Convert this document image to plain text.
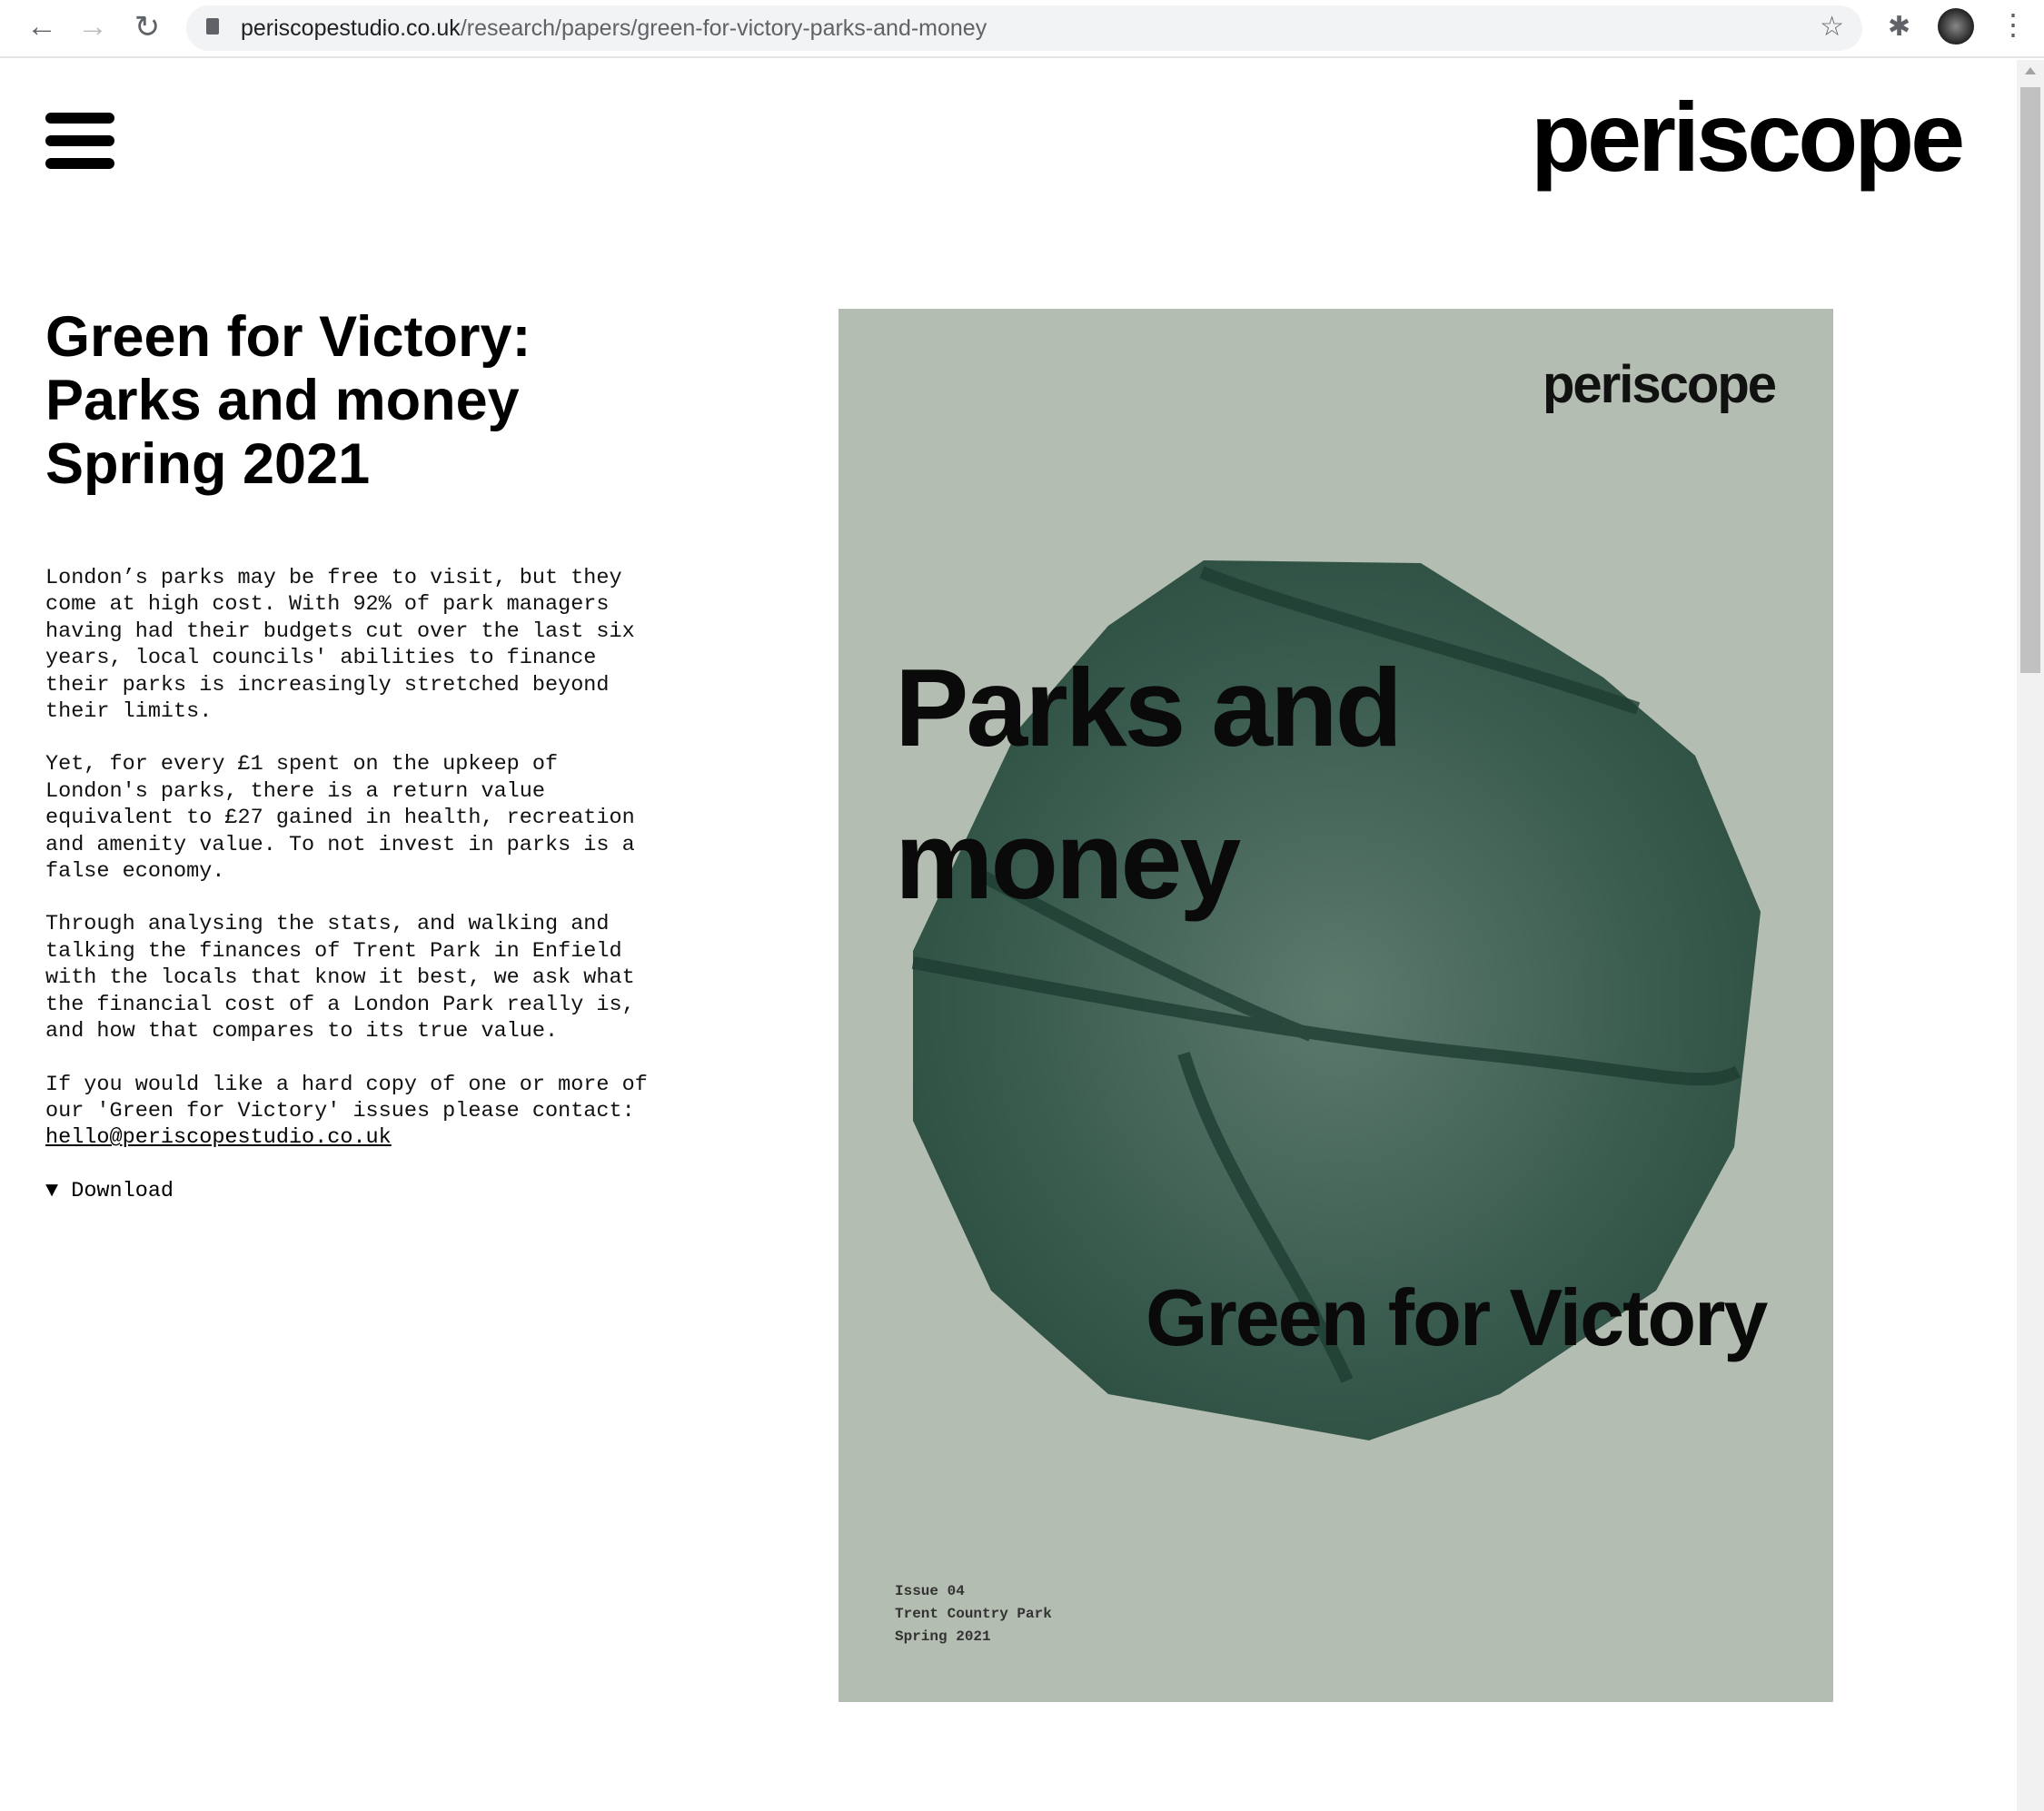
← → ↻	periscopestudio.co.uk/research/papers/green-for-victory-parks-and-money	☆ ✱	⋮
periscope
Green for Victory:
Parks and money
Spring 2021

London’s parks may be free to visit, but they
come at high cost. With 92% of park managers
having had their budgets cut over the last six
years, local councils' abilities to finance
their parks is increasingly stretched beyond
their limits.

Yet, for every £1 spent on the upkeep of
London's parks, there is a return value
equivalent to £27 gained in health, recreation
and amenity value. To not invest in parks is a
false economy.

Through analysing the stats, and walking and
talking the finances of Trent Park in Enfield
with the locals that know it best, we ask what
the financial cost of a London Park really is,
and how that compares to its true value.

If you would like a hard copy of one or more of
our 'Green for Victory' issues please contact:
hello@periscopestudio.co.uk

▼ Download
periscope
Parks and
money
Green for Victory
Issue 04
Trent Country Park
Spring 2021
